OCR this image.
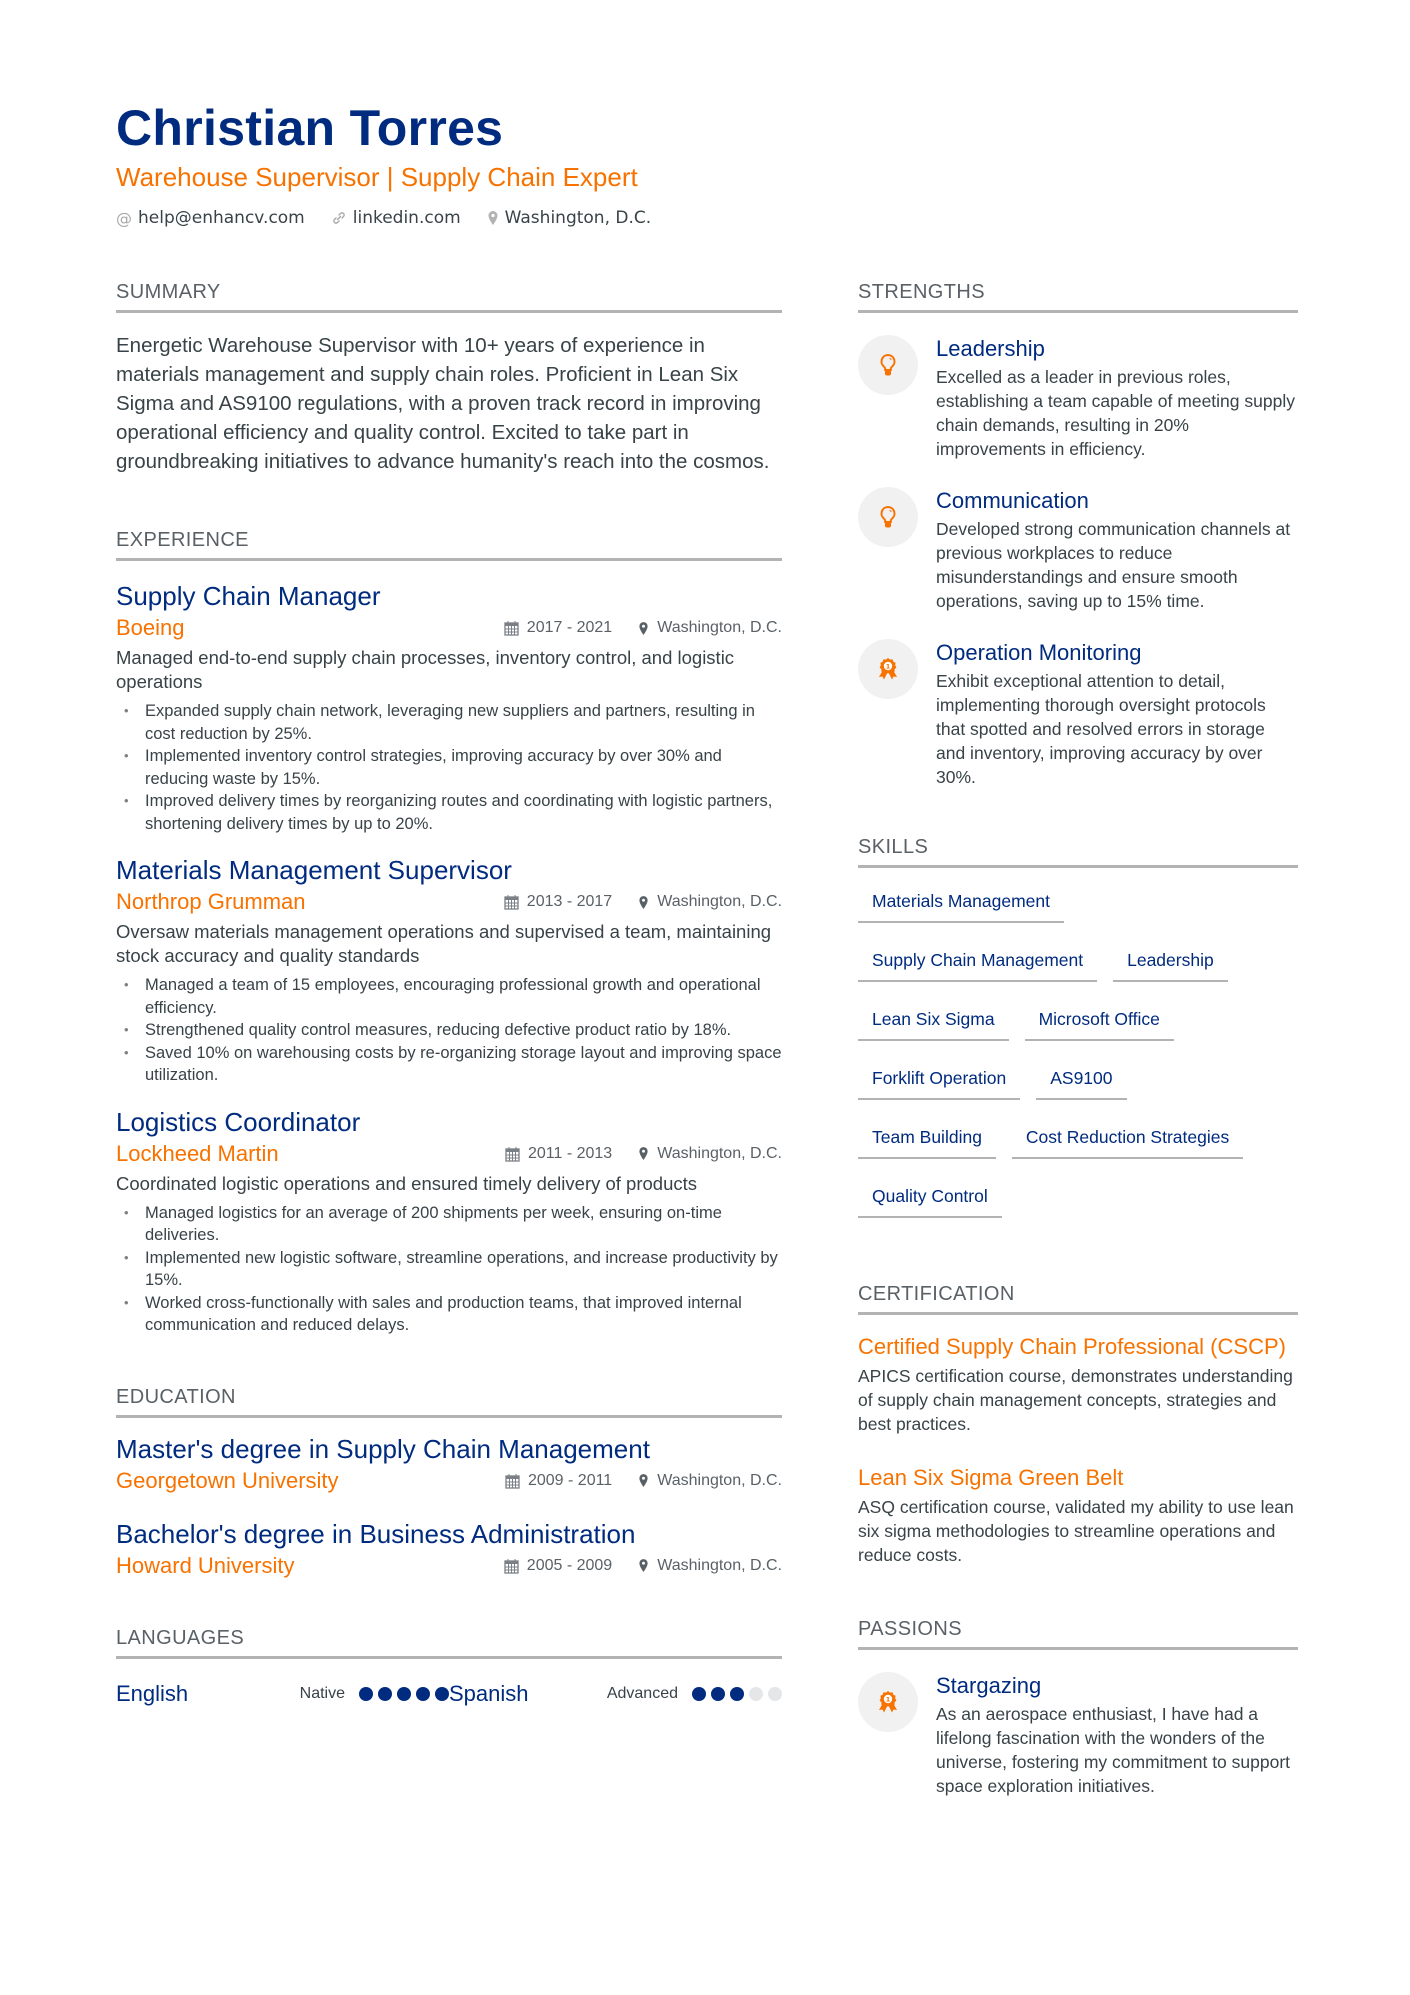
Christian Torres
Warehouse Supervisor | Supply Chain Expert
@ help@enhancv.com	linkedin.com	Washington, D.C.
SUMMARY

Energetic Warehouse Supervisor with 10+ years of experience in materials management and supply chain roles. Proficient in Lean Six Sigma and AS9100 regulations, with a proven track record in improving operational efficiency and quality control. Excited to take part in groundbreaking initiatives to advance humanity's reach into the cosmos.

EXPERIENCE
Supply Chain Manager
Boeing	2017 - 2021	Washington, D.C.
Managed end-to-end supply chain processes, inventory control, and logistic operations
• Expanded supply chain network, leveraging new suppliers and partners, resulting in cost reduction by 25%.
• Implemented inventory control strategies, improving accuracy by over 30% and reducing waste by 15%.
• Improved delivery times by reorganizing routes and coordinating with logistic partners, shortening delivery times by up to 20%.
Materials Management Supervisor
Northrop Grumman	2013 - 2017	Washington, D.C.
Oversaw materials management operations and supervised a team, maintaining stock accuracy and quality standards
• Managed a team of 15 employees, encouraging professional growth and operational efficiency.
• Strengthened quality control measures, reducing defective product ratio by 18%.
• Saved 10% on warehousing costs by re-organizing storage layout and improving space utilization.
Logistics Coordinator
Lockheed Martin	2011 - 2013	Washington, D.C.
Coordinated logistic operations and ensured timely delivery of products
• Managed logistics for an average of 200 shipments per week, ensuring on-time deliveries.
• Implemented new logistic software, streamline operations, and increase productivity by 15%.
• Worked cross-functionally with sales and production teams, that improved internal communication and reduced delays.
EDUCATION
Master's degree in Supply Chain Management
Georgetown University	2009 - 2011	Washington, D.C.
Bachelor's degree in Business Administration
Howard University	2005 - 2009	Washington, D.C.
LANGUAGES
English	Native	Spanish	Advanced
STRENGTHS
Leadership
Excelled as a leader in previous roles, establishing a team capable of meeting supply chain demands, resulting in 20% improvements in efficiency.
Communication
Developed strong communication channels at previous workplaces to reduce misunderstandings and ensure smooth operations, saving up to 15% time.
1
Operation Monitoring
Exhibit exceptional attention to detail, implementing thorough oversight protocols that spotted and resolved errors in storage and inventory, improving accuracy by over 30%.
SKILLS
Materials Management
Supply Chain Management	Leadership
Lean Six Sigma	Microsoft Office
Forklift Operation	AS9100
Team Building	Cost Reduction Strategies
Quality Control
CERTIFICATION
Certified Supply Chain Professional (CSCP)
APICS certification course, demonstrates understanding of supply chain management concepts, strategies and best practices.
Lean Six Sigma Green Belt
ASQ certification course, validated my ability to use lean six sigma methodologies to streamline operations and reduce costs.
PASSIONS
1
Stargazing
As an aerospace enthusiast, I have had a lifelong fascination with the wonders of the universe, fostering my commitment to support space exploration initiatives.
